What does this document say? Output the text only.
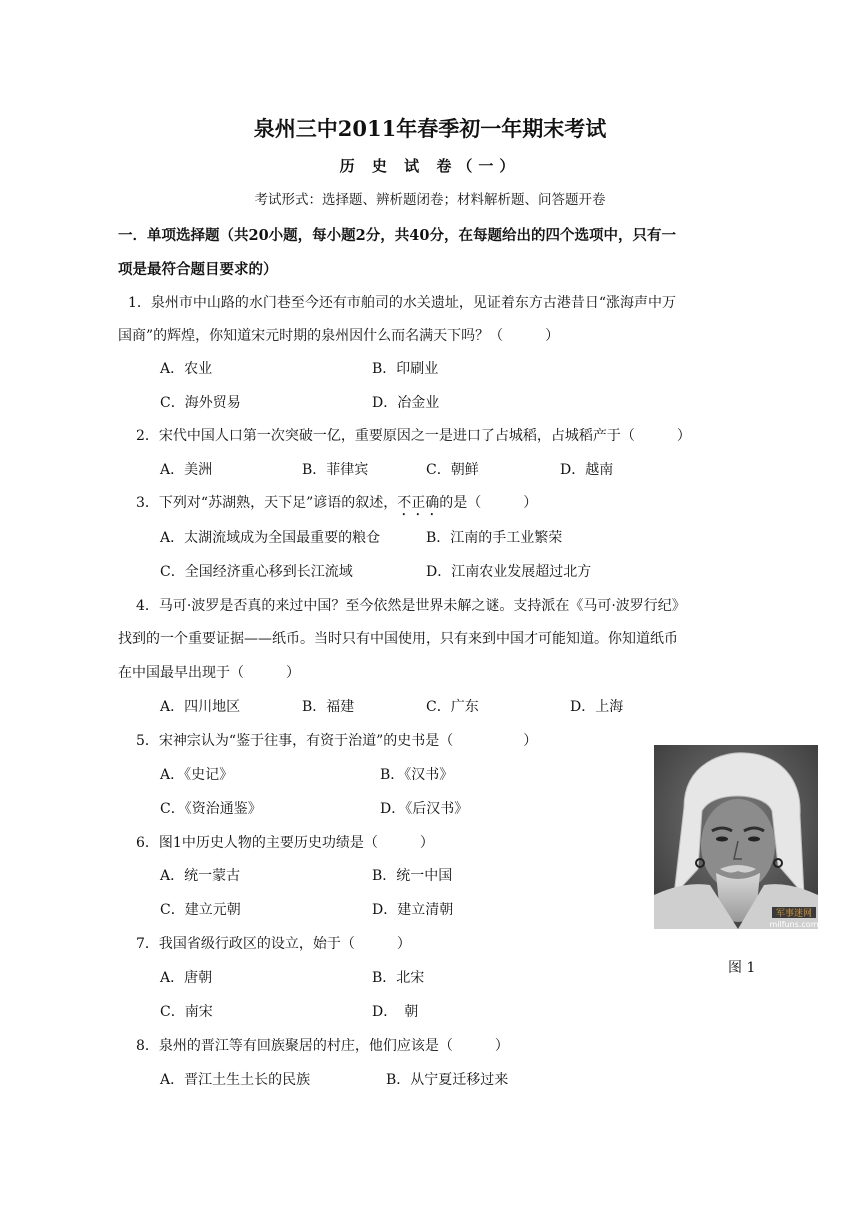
泉州三中2011年春季初一年期末考试
历 史 试 卷（一）
考试形式：选择题、辨析题闭卷；材料解析题、问答题开卷
一．单项选择题（共20小题，每小题2分，共40分，在每题给出的四个选项中，只有一
项是最符合题目要求的）
1．泉州市中山路的水门巷至今还有市舶司的水关遗址，见证着东方古港昔日“涨海声中万
国商”的辉煌，你知道宋元时期的泉州因什么而名满天下吗？（　　　）
A．农业	B．印刷业
C．海外贸易	D．冶金业
2．宋代中国人口第一次突破一亿，重要原因之一是进口了占城稻，占城稻产于（　　　）
A．美洲	B．菲律宾	C．朝鲜	D．越南
3．下列对“苏湖熟，天下足”谚语的叙述，不正确的是（　　　）
A．太湖流域成为全国最重要的粮仓	B．江南的手工业繁荣
C．全国经济重心移到长江流域	D．江南农业发展超过北方
4．马可·波罗是否真的来过中国？至今依然是世界未解之谜。支持派在《马可·波罗行纪》
找到的一个重要证据——纸币。当时只有中国使用，只有来到中国才可能知道。你知道纸币
在中国最早出现于（　　　）
A．四川地区	B．福建	C．广东	D．上海
5．宋神宗认为“鉴于往事，有资于治道”的史书是（　　　　　）
A．《史记》	B．《汉书》
C．《资治通鉴》	D．《后汉书》
6．图1中历史人物的主要历史功绩是（　　　）
A．统一蒙古	B．统一中国
C．建立元朝	D．建立清朝
7．我国省级行政区的设立，始于（　　　）
A．唐朝	B．北宋
C．南宋	D．　朝
8．泉州的晋江等有回族聚居的村庄，他们应该是（　　　）
A．晋江土生土长的民族	B．从宁夏迁移过来
军事迷网
milfuns.com
图 1
